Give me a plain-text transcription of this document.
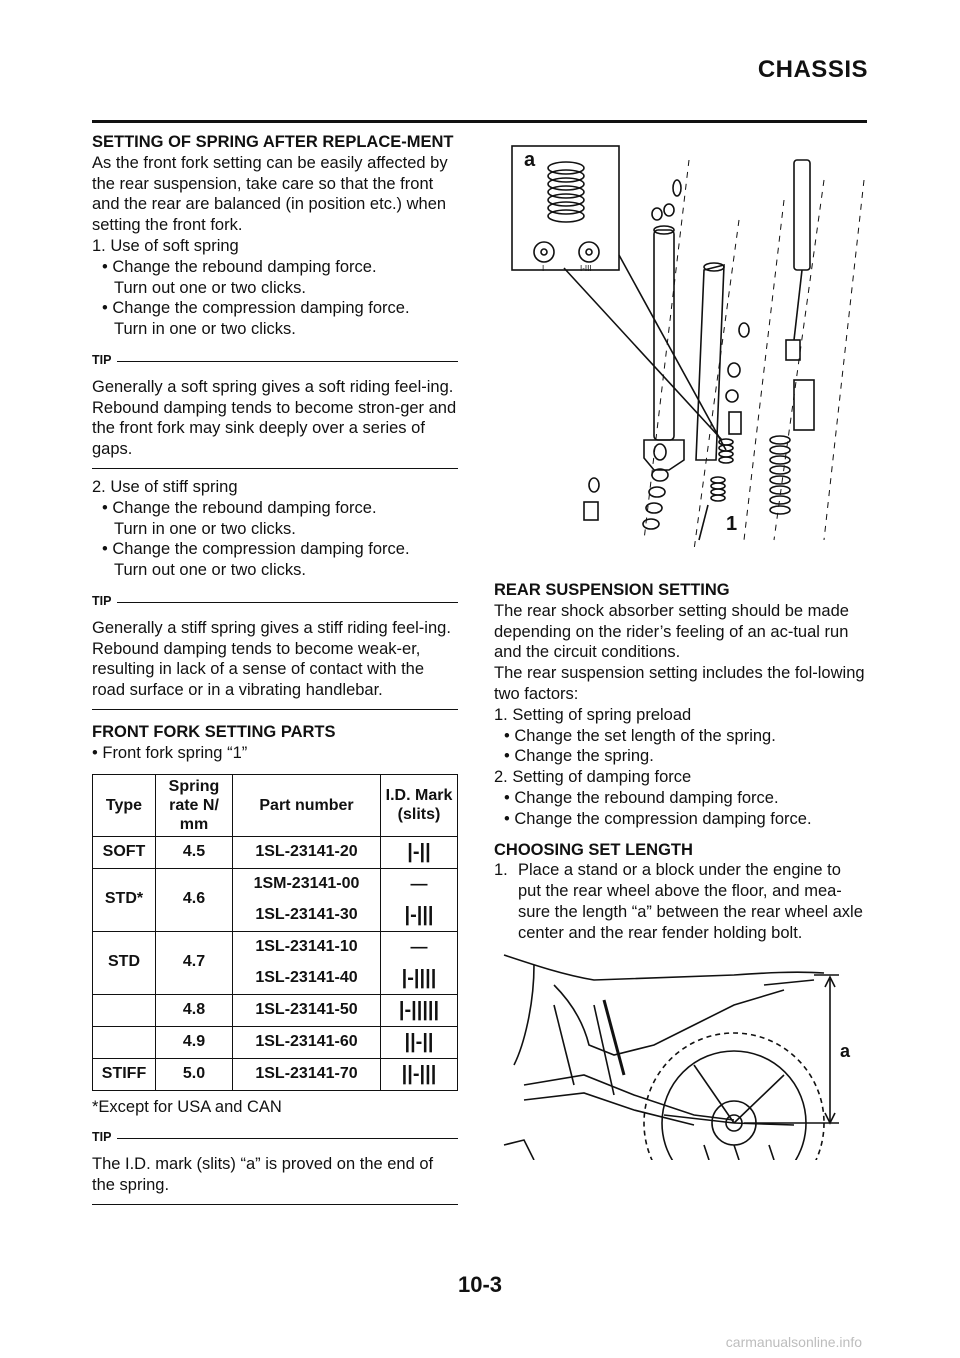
CHASSIS

SETTING OF SPRING AFTER REPLACE-MENT

As the front fork setting can be easily affected by the rear suspension, take care so that the front and the rear are balanced (in position etc.) when setting the front fork.

1. Use of soft spring

• Change the rebound damping force.
Turn out one or two clicks.

• Change the compression damping force.
Turn in one or two clicks.

TIP

Generally a soft spring gives a soft riding feel-ing. Rebound damping tends to become stron-ger and the front fork may sink deeply over a series of gaps.

2. Use of stiff spring

• Change the rebound damping force.
Turn in one or two clicks.

• Change the compression damping force.
Turn out one or two clicks.

TIP

Generally a stiff spring gives a stiff riding feel-ing. Rebound damping tends to become weak-er, resulting in lack of a sense of contact with the road surface or in a vibrating handlebar.

FRONT FORK SETTING PARTS

• Front fork spring “1”

Type	Spring rate N/ mm	Part number	I.D. Mark (slits)
SOFT	4.5	1SL-23141-20	|-||
STD*	4.6	1SM-23141-00	—
		1SL-23141-30	|-|||
STD	4.7	1SL-23141-10	—
		1SL-23141-40	|-||||
	4.8	1SL-23141-50	|-|||||
	4.9	1SL-23141-60	||-||
STIFF	5.0	1SL-23141-70	||-|||

*Except for USA and CAN

TIP

The I.D. mark (slits) “a” is proved on the end of the spring.

a
1
I	I-III

REAR SUSPENSION SETTING

The rear shock absorber setting should be made depending on the rider’s feeling of an ac-tual run and the circuit conditions.

The rear suspension setting includes the fol-lowing two factors:

1. Setting of spring preload

• Change the set length of the spring.

• Change the spring.

2. Setting of damping force

• Change the rebound damping force.

• Change the compression damping force.

CHOOSING SET LENGTH

1. Place a stand or a block under the engine to put the rear wheel above the floor, and mea-sure the length “a” between the rear wheel axle center and the rear fender holding bolt.
a
10-3
carmanualsonline.info
